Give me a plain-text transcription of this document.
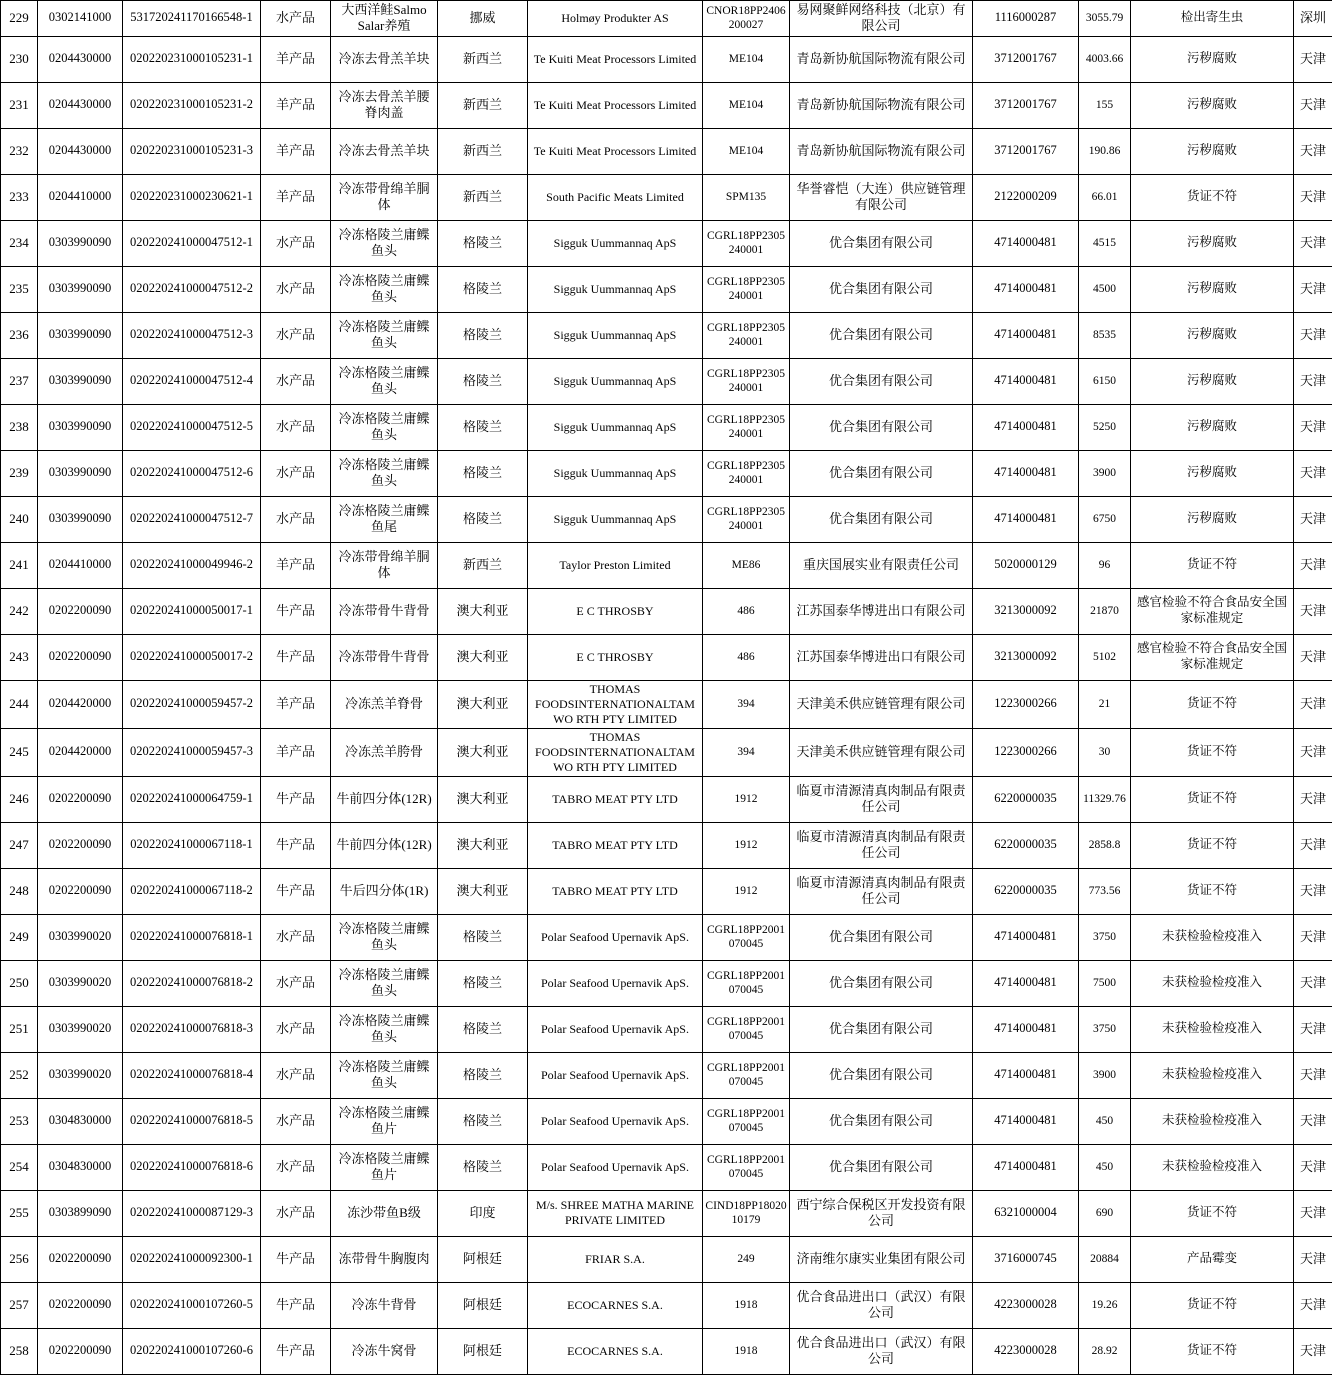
229	0302141000	531720241170166548-1	水产品	大西洋鲑Salmo Salar养殖	挪威	Holmøy Produkter AS	CNOR18PP2406200027	易网聚鲜网络科技（北京）有限公司	1116000287	3055.79	检出寄生虫	深圳
230	0204430000	020220231000105231-1	羊产品	冷冻去骨羔羊块	新西兰	Te Kuiti Meat Processors Limited	ME104	青岛新协航国际物流有限公司	3712001767	4003.66	污秽腐败	天津
231	0204430000	020220231000105231-2	羊产品	冷冻去骨羔羊腰脊肉盖	新西兰	Te Kuiti Meat Processors Limited	ME104	青岛新协航国际物流有限公司	3712001767	155	污秽腐败	天津
232	0204430000	020220231000105231-3	羊产品	冷冻去骨羔羊块	新西兰	Te Kuiti Meat Processors Limited	ME104	青岛新协航国际物流有限公司	3712001767	190.86	污秽腐败	天津
233	0204410000	020220231000230621-1	羊产品	冷冻带骨绵羊胴体	新西兰	South Pacific Meats Limited	SPM135	华誉睿恺（大连）供应链管理有限公司	2122000209	66.01	货证不符	天津
234	0303990090	020220241000047512-1	水产品	冷冻格陵兰庸鲽鱼头	格陵兰	Sigguk Uummannaq ApS	CGRL18PP2305240001	优合集团有限公司	4714000481	4515	污秽腐败	天津
235	0303990090	020220241000047512-2	水产品	冷冻格陵兰庸鲽鱼头	格陵兰	Sigguk Uummannaq ApS	CGRL18PP2305240001	优合集团有限公司	4714000481	4500	污秽腐败	天津
236	0303990090	020220241000047512-3	水产品	冷冻格陵兰庸鲽鱼头	格陵兰	Sigguk Uummannaq ApS	CGRL18PP2305240001	优合集团有限公司	4714000481	8535	污秽腐败	天津
237	0303990090	020220241000047512-4	水产品	冷冻格陵兰庸鲽鱼头	格陵兰	Sigguk Uummannaq ApS	CGRL18PP2305240001	优合集团有限公司	4714000481	6150	污秽腐败	天津
238	0303990090	020220241000047512-5	水产品	冷冻格陵兰庸鲽鱼头	格陵兰	Sigguk Uummannaq ApS	CGRL18PP2305240001	优合集团有限公司	4714000481	5250	污秽腐败	天津
239	0303990090	020220241000047512-6	水产品	冷冻格陵兰庸鲽鱼头	格陵兰	Sigguk Uummannaq ApS	CGRL18PP2305240001	优合集团有限公司	4714000481	3900	污秽腐败	天津
240	0303990090	020220241000047512-7	水产品	冷冻格陵兰庸鲽鱼尾	格陵兰	Sigguk Uummannaq ApS	CGRL18PP2305240001	优合集团有限公司	4714000481	6750	污秽腐败	天津
241	0204410000	020220241000049946-2	羊产品	冷冻带骨绵羊胴体	新西兰	Taylor Preston Limited	ME86	重庆国展实业有限责任公司	5020000129	96	货证不符	天津
242	0202200090	020220241000050017-1	牛产品	冷冻带骨牛背骨	澳大利亚	E C THROSBY	486	江苏国泰华博进出口有限公司	3213000092	21870	感官检验不符合食品安全国家标准规定	天津
243	0202200090	020220241000050017-2	牛产品	冷冻带骨牛背骨	澳大利亚	E C THROSBY	486	江苏国泰华博进出口有限公司	3213000092	5102	感官检验不符合食品安全国家标准规定	天津
244	0204420000	020220241000059457-2	羊产品	冷冻羔羊脊骨	澳大利亚	THOMAS FOODSINTERNATIONALTAMWO RTH PTY LIMITED	394	天津美禾供应链管理有限公司	1223000266	21	货证不符	天津
245	0204420000	020220241000059457-3	羊产品	冷冻羔羊胯骨	澳大利亚	THOMAS FOODSINTERNATIONALTAMWO RTH PTY LIMITED	394	天津美禾供应链管理有限公司	1223000266	30	货证不符	天津
246	0202200090	020220241000064759-1	牛产品	牛前四分体(12R)	澳大利亚	TABRO MEAT PTY LTD	1912	临夏市清源清真肉制品有限责任公司	6220000035	11329.76	货证不符	天津
247	0202200090	020220241000067118-1	牛产品	牛前四分体(12R)	澳大利亚	TABRO MEAT PTY LTD	1912	临夏市清源清真肉制品有限责任公司	6220000035	2858.8	货证不符	天津
248	0202200090	020220241000067118-2	牛产品	牛后四分体(1R)	澳大利亚	TABRO MEAT PTY LTD	1912	临夏市清源清真肉制品有限责任公司	6220000035	773.56	货证不符	天津
249	0303990020	020220241000076818-1	水产品	冷冻格陵兰庸鲽鱼头	格陵兰	Polar Seafood Upernavik ApS.	CGRL18PP2001070045	优合集团有限公司	4714000481	3750	未获检验检疫准入	天津
250	0303990020	020220241000076818-2	水产品	冷冻格陵兰庸鲽鱼头	格陵兰	Polar Seafood Upernavik ApS.	CGRL18PP2001070045	优合集团有限公司	4714000481	7500	未获检验检疫准入	天津
251	0303990020	020220241000076818-3	水产品	冷冻格陵兰庸鲽鱼头	格陵兰	Polar Seafood Upernavik ApS.	CGRL18PP2001070045	优合集团有限公司	4714000481	3750	未获检验检疫准入	天津
252	0303990020	020220241000076818-4	水产品	冷冻格陵兰庸鲽鱼头	格陵兰	Polar Seafood Upernavik ApS.	CGRL18PP2001070045	优合集团有限公司	4714000481	3900	未获检验检疫准入	天津
253	0304830000	020220241000076818-5	水产品	冷冻格陵兰庸鲽鱼片	格陵兰	Polar Seafood Upernavik ApS.	CGRL18PP2001070045	优合集团有限公司	4714000481	450	未获检验检疫准入	天津
254	0304830000	020220241000076818-6	水产品	冷冻格陵兰庸鲽鱼片	格陵兰	Polar Seafood Upernavik ApS.	CGRL18PP2001070045	优合集团有限公司	4714000481	450	未获检验检疫准入	天津
255	0303899090	020220241000087129-3	水产品	冻沙带鱼B级	印度	M/s. SHREE MATHA MARINE PRIVATE LIMITED	CIND18PP1802010179	西宁综合保税区开发投资有限公司	6321000004	690	货证不符	天津
256	0202200090	020220241000092300-1	牛产品	冻带骨牛胸腹肉	阿根廷	FRIAR S.A.	249	济南维尔康实业集团有限公司	3716000745	20884	产品霉变	天津
257	0202200090	020220241000107260-5	牛产品	冷冻牛背骨	阿根廷	ECOCARNES S.A.	1918	优合食品进出口（武汉）有限公司	4223000028	19.26	货证不符	天津
258	0202200090	020220241000107260-6	牛产品	冷冻牛窝骨	阿根廷	ECOCARNES S.A.	1918	优合食品进出口（武汉）有限公司	4223000028	28.92	货证不符	天津
